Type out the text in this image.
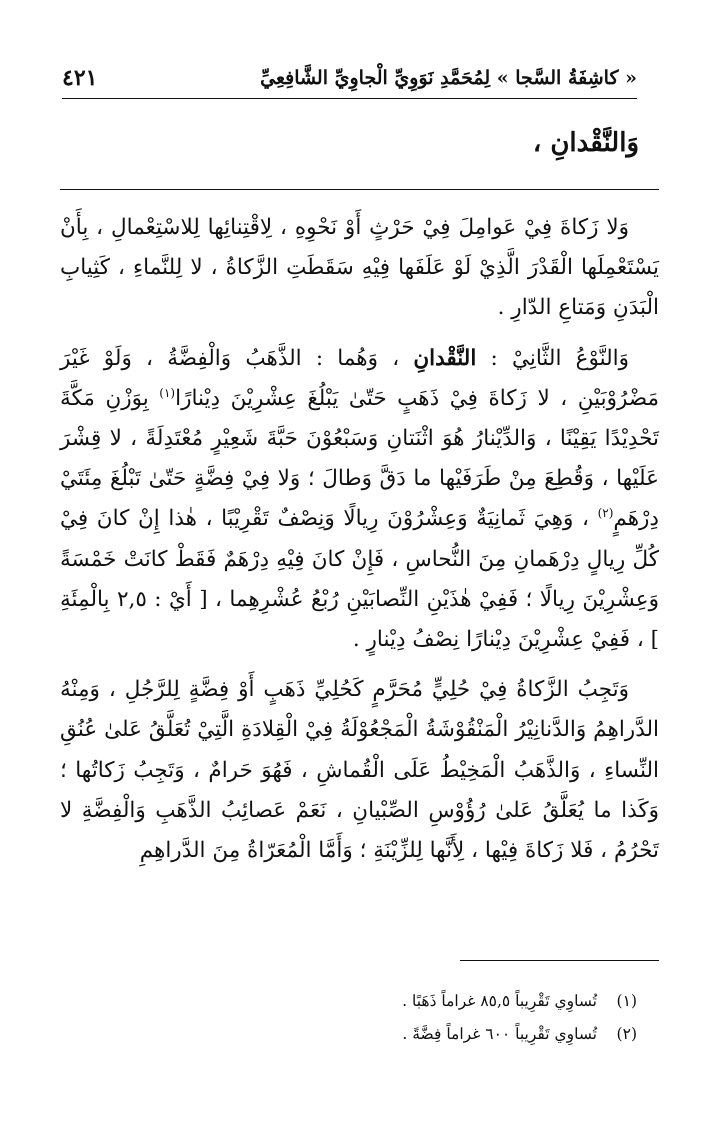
« كاشِفَةُ السَّجا » لِمُحَمَّدِ نَوَوِيِّ الْجاوِيِّ الشَّافِعِيِّ
٤٢١
وَالنَّقْدانِ ،

وَلا زَكاةَ فِيْ عَوامِلَ فِيْ حَرْثٍ أَوْ نَحْوِهِ ، لِاقْتِنائِها لِلاسْتِعْمالِ ، بِأَنْ يَسْتَعْمِلَها الْقَدْرَ الَّذِيْ لَوْ عَلَفَها فِيْهِ سَقَطَتِ الزَّكاةُ ، لا لِلنَّماءِ ، كَثِيابِ الْبَدَنِ وَمَتاعِ الدّارِ .

وَالنَّوْعُ الثَّانِيْ : النَّقْدانِ ، وَهُما : الذَّهَبُ وَالْفِضَّةُ ، وَلَوْ غَيْرَ مَضْرُوْبَيْنِ ، لا زَكاةَ فِيْ ذَهَبٍ حَتّىٰ يَبْلُغَ عِشْرِيْنَ دِيْنارًا$^{(١)}$ بِوَزْنِ مَكَّةَ تَحْدِيْدًا يَقِيْنًا ، وَالدِّيْنارُ هُوَ اثْنَتانِ وَسَبْعُوْنَ حَبَّةَ شَعِيْرٍ مُعْتَدِلَةً ، لا قِشْرَ عَلَيْها ، وَقُطِعَ مِنْ طَرَفَيْها ما دَقَّ وَطالَ ؛ وَلا فِيْ فِضَّةٍ حَتّىٰ تَبْلُغَ مِئَتَيْ دِرْهَمٍ$^{(٢)}$ ، وَهِيَ ثَمانِيَةٌ وَعِشْرُوْنَ رِيالًا وَنِصْفٌ تَقْرِيْبًا ، هٰذا إِنْ كانَ فِيْ كُلِّ رِيالٍ دِرْهَمانِ مِنَ النُّحاسِ ، فَإِنْ كانَ فِيْهِ دِرْهَمٌ فَقَطْ كانَتْ خَمْسَةً وَعِشْرِيْنَ رِيالًا ؛ فَفِيْ هٰذَيْنِ النِّصابَيْنِ رُبْعُ عُشْرِهِما ، [ أَيْ : ٢,٥ بِالْمِئَةِ ] ، فَفِيْ عِشْرِيْنَ دِيْنارًا نِصْفُ دِيْنارٍ .

وَتَجِبُ الزَّكاةُ فِيْ حُلِيٍّ مُحَرَّمٍ كَحُلِيِّ ذَهَبٍ أَوْ فِضَّةٍ لِلرَّجُلِ ، وَمِنْهُ الدَّراهِمُ وَالدَّنانِيْرُ الْمَنْقُوْشَةُ الْمَجْعُوْلَةُ فِيْ الْقِلادَةِ الَّتِيْ تُعَلَّقُ عَلىٰ عُنُقِ النِّساءِ ، وَالذَّهَبُ الْمَخِيْطُ عَلَى الْقُماشِ ، فَهُوَ حَرامٌ ، وَتَجِبُ زَكاتُها ؛ وَكَذا ما يُعَلَّقُ عَلىٰ رُؤُوْسِ الصِّبْيانِ ، نَعَمْ عَصائِبُ الذَّهَبِ وَالْفِضَّةِ لا تَحْرُمُ ، فَلا زَكاةَ فِيْها ، لِأَنَّها لِلزِّيْنَةِ ؛ وَأَمَّا الْمُعَرّاةُ مِنَ الدَّراهِمِ

(١)تُساوِي تَقْرِيباً ٨٥,٥ غراماً ذَهَبًا .
(٢)تُساوِي تَقْرِيباً ٦٠٠ غراماً فِضَّةً .
